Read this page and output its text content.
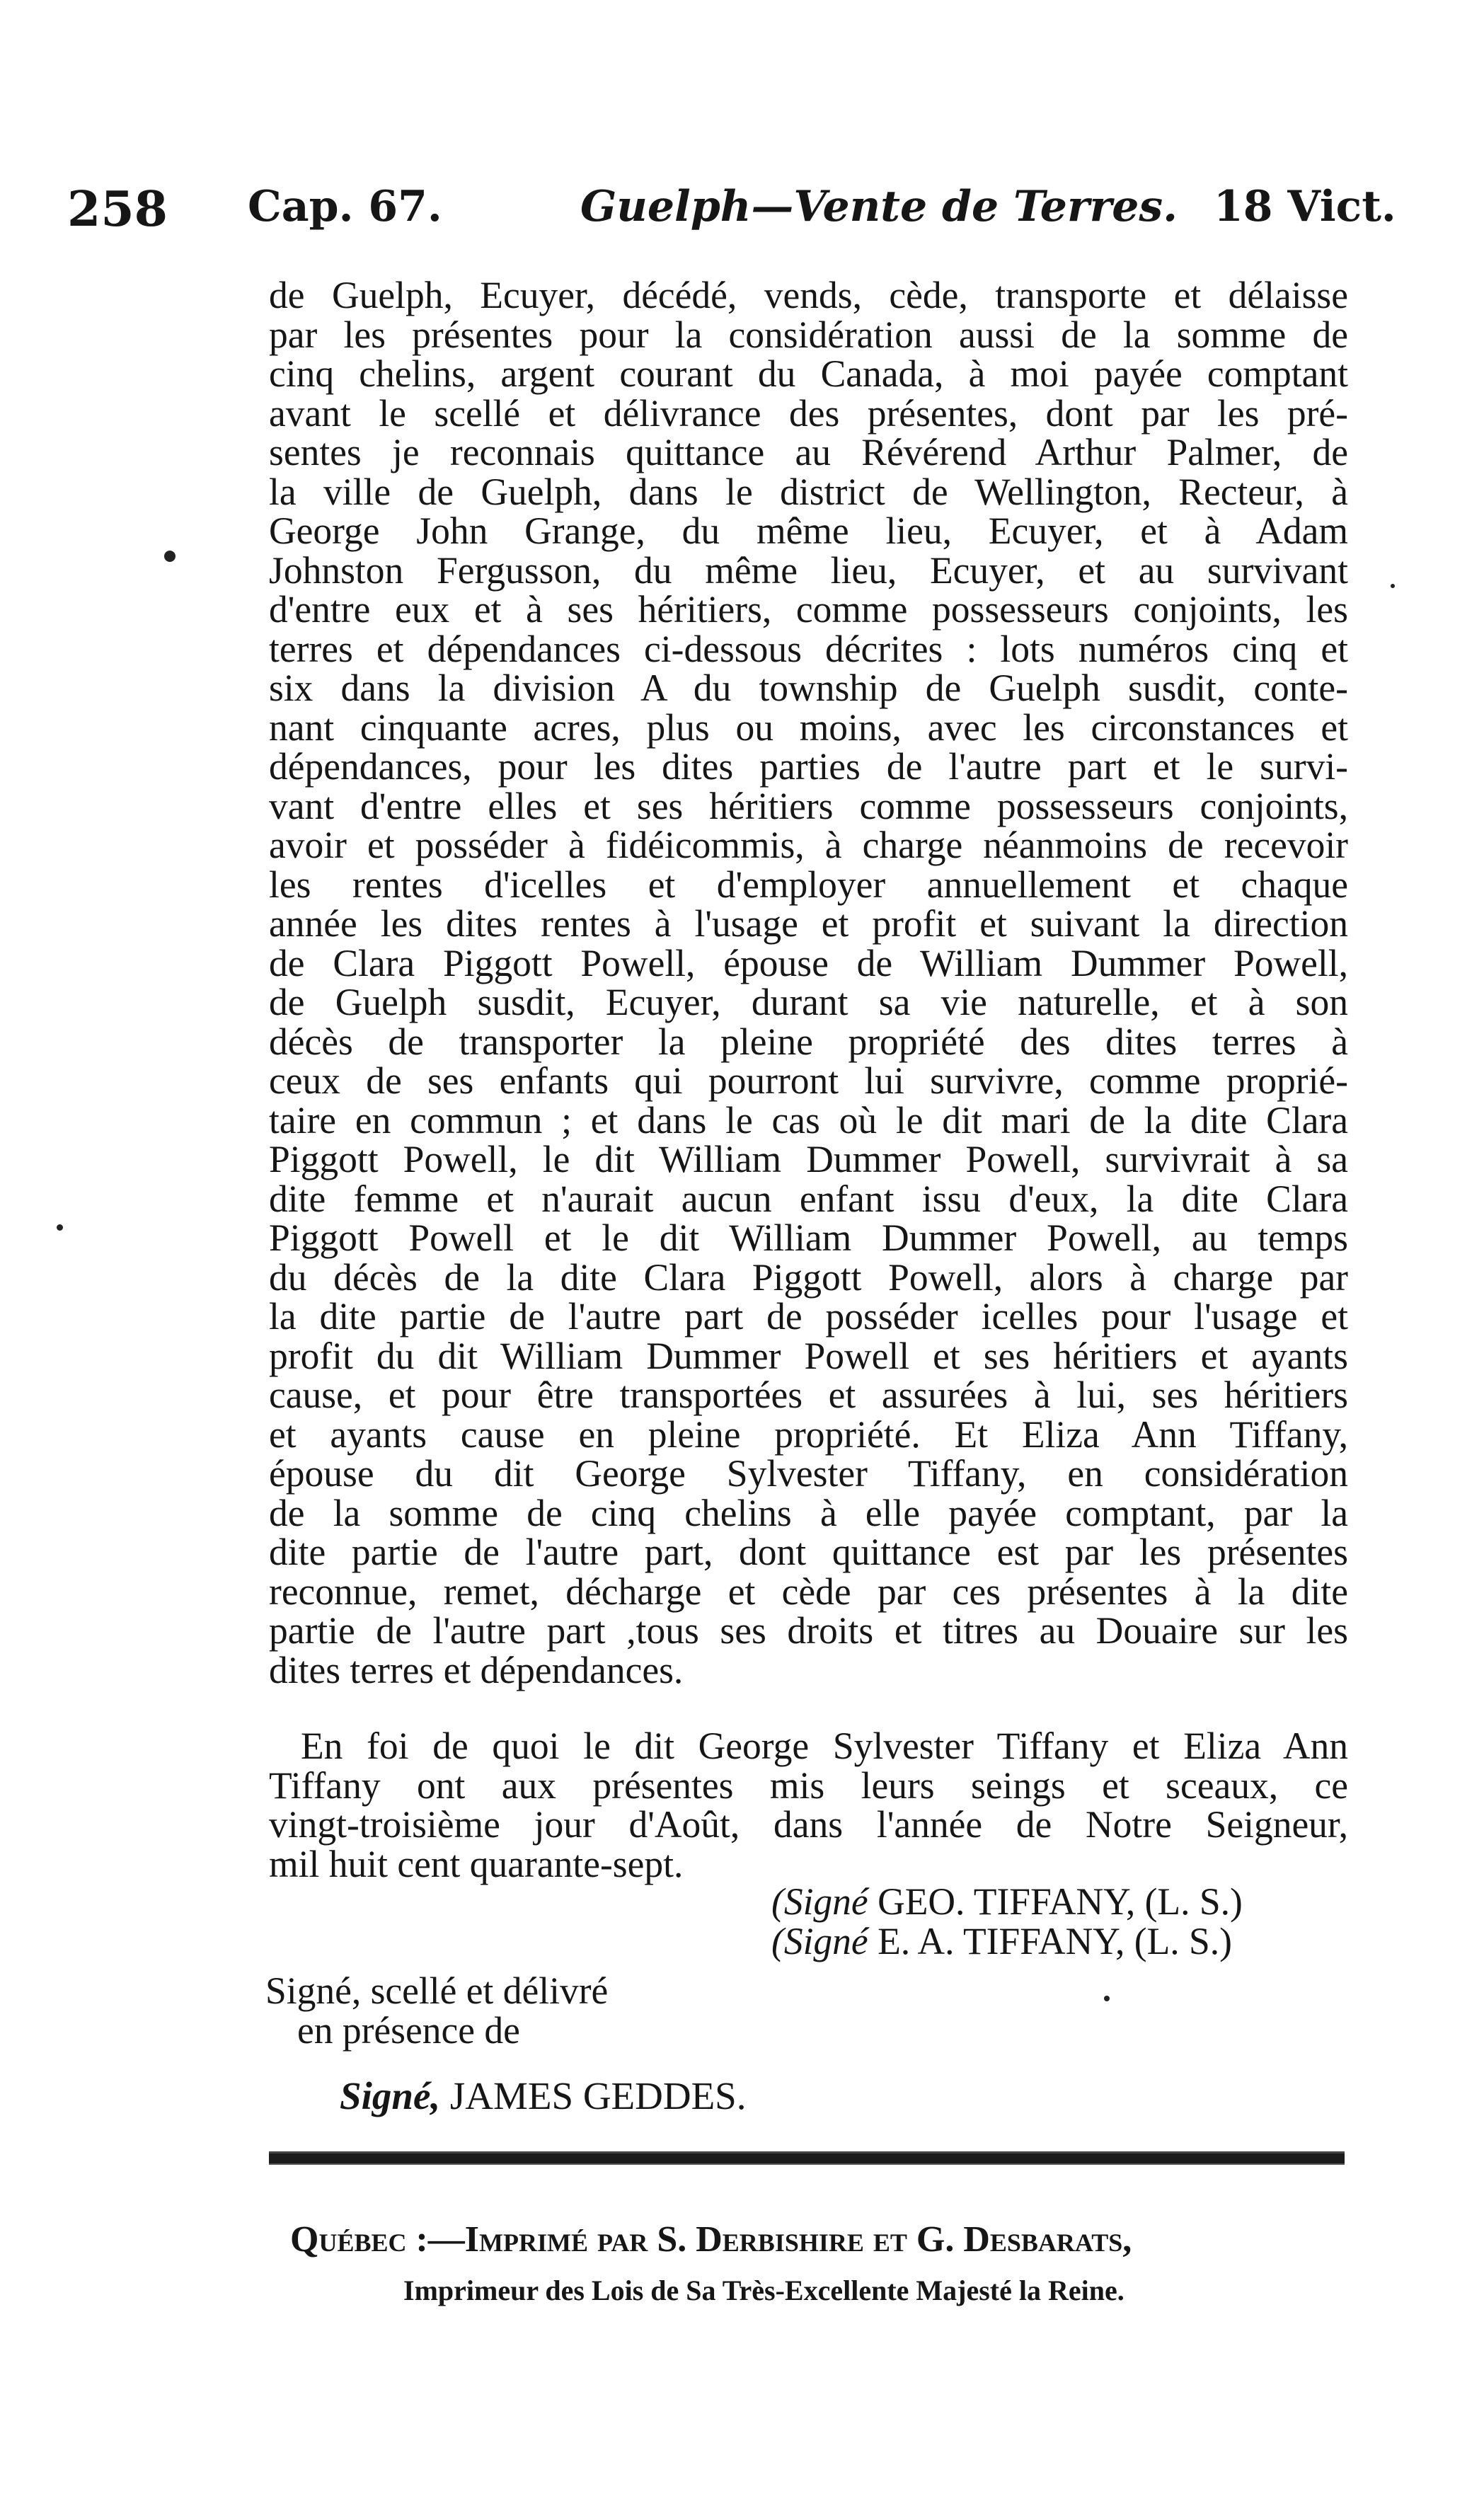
258 Cap. 67.	Guelph—Vente de Terres. 18 Vict.
de Guelph, Ecuyer, décédé, vends, cède, transporte et délaisse
par les présentes pour la considération aussi de la somme de
cinq chelins, argent courant du Canada, à moi payée comptant
avant le scellé et délivrance des présentes, dont par les pré-
sentes je reconnais quittance au Révérend Arthur Palmer, de
la ville de Guelph, dans le district de Wellington, Recteur, à
George John Grange, du même lieu, Ecuyer, et à Adam
Johnston Fergusson, du même lieu, Ecuyer, et au survivant
d'entre eux et à ses héritiers, comme possesseurs conjoints, les
terres et dépendances ci-dessous décrites : lots numéros cinq et
six dans la division A du township de Guelph susdit, conte-
nant cinquante acres, plus ou moins, avec les circonstances et
dépendances, pour les dites parties de l'autre part et le survi-
vant d'entre elles et ses héritiers comme possesseurs conjoints,
avoir et posséder à fidéicommis, à charge néanmoins de recevoir
les rentes d'icelles et d'employer annuellement et chaque
année les dites rentes à l'usage et profit et suivant la direction
de Clara Piggott Powell, épouse de William Dummer Powell,
de Guelph susdit, Ecuyer, durant sa vie naturelle, et à son
décès de transporter la pleine propriété des dites terres à
ceux de ses enfants qui pourront lui survivre, comme proprié-
taire en commun ; et dans le cas où le dit mari de la dite Clara
Piggott Powell, le dit William Dummer Powell, survivrait à sa
dite femme et n'aurait aucun enfant issu d'eux, la dite Clara
Piggott Powell et le dit William Dummer Powell, au temps
du décès de la dite Clara Piggott Powell, alors à charge par
la dite partie de l'autre part de posséder icelles pour l'usage et
profit du dit William Dummer Powell et ses héritiers et ayants
cause, et pour être transportées et assurées à lui, ses héritiers
et ayants cause en pleine propriété. Et Eliza Ann Tiffany,
épouse du dit George Sylvester Tiffany, en considération
de la somme de cinq chelins à elle payée comptant, par la
dite partie de l'autre part, dont quittance est par les présentes
reconnue, remet, décharge et cède par ces présentes à la dite
partie de l'autre part ,tous ses droits et titres au Douaire sur les
dites terres et dépendances.
En foi de quoi le dit George Sylvester Tiffany et Eliza Ann
Tiffany ont aux présentes mis leurs seings et sceaux, ce
vingt-troisième jour d'Août, dans l'année de Notre Seigneur,
mil huit cent quarante-sept.
(Signé GEO. TIFFANY, (L. S.)
(Signé E. A. TIFFANY, (L. S.)
Signé, scellé et délivré
en présence de
Signé, JAMES GEDDES.
Québec :—Imprimé par S. Derbishire et G. Desbarats,
Imprimeur des Lois de Sa Très-Excellente Majesté la Reine.
